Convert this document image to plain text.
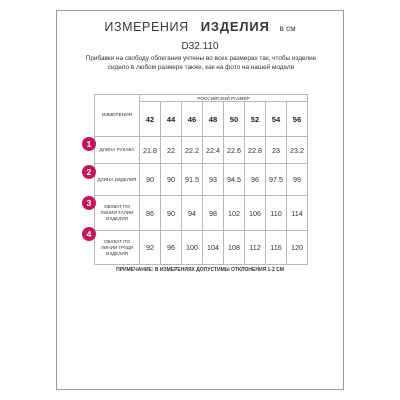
ИЗМЕРЕНИЯ ИЗДЕЛИЯ в см
D32.110
Прибавки на свободу облегания учтены во всех размерах так, чтобы изделие сидело в любом размере также, как на фото на нашей модели
ИЗМЕРЕНИЯ	РОССИЙСКИЙ РАЗМЕР							
	42	44	46	48	50	52	54	56
ДЛИНА РУКАВА	21.8	22	22.2	22.4	22.6	22.8	23	23.2
ДЛИНА ИЗДЕЛИЯ	90	90	91.5	93	94.5	96	97.5	99
ОБХВАТ ПО ЛИНИИ ТАЛИИ ИЗДЕЛИЯ	86	90	94	98	102	106	110	114
ОБХВАТ ПО ЛИНИИ ГРУДИ ИЗДЕЛИЯ	92	96	100	104	108	112	116	120
1
2
3
4
ПРИМЕЧАНИЕ: В ИЗМЕРЕНИЯХ ДОПУСТИМЫ ОТКЛОНЕНИЯ 1-2 СМ
